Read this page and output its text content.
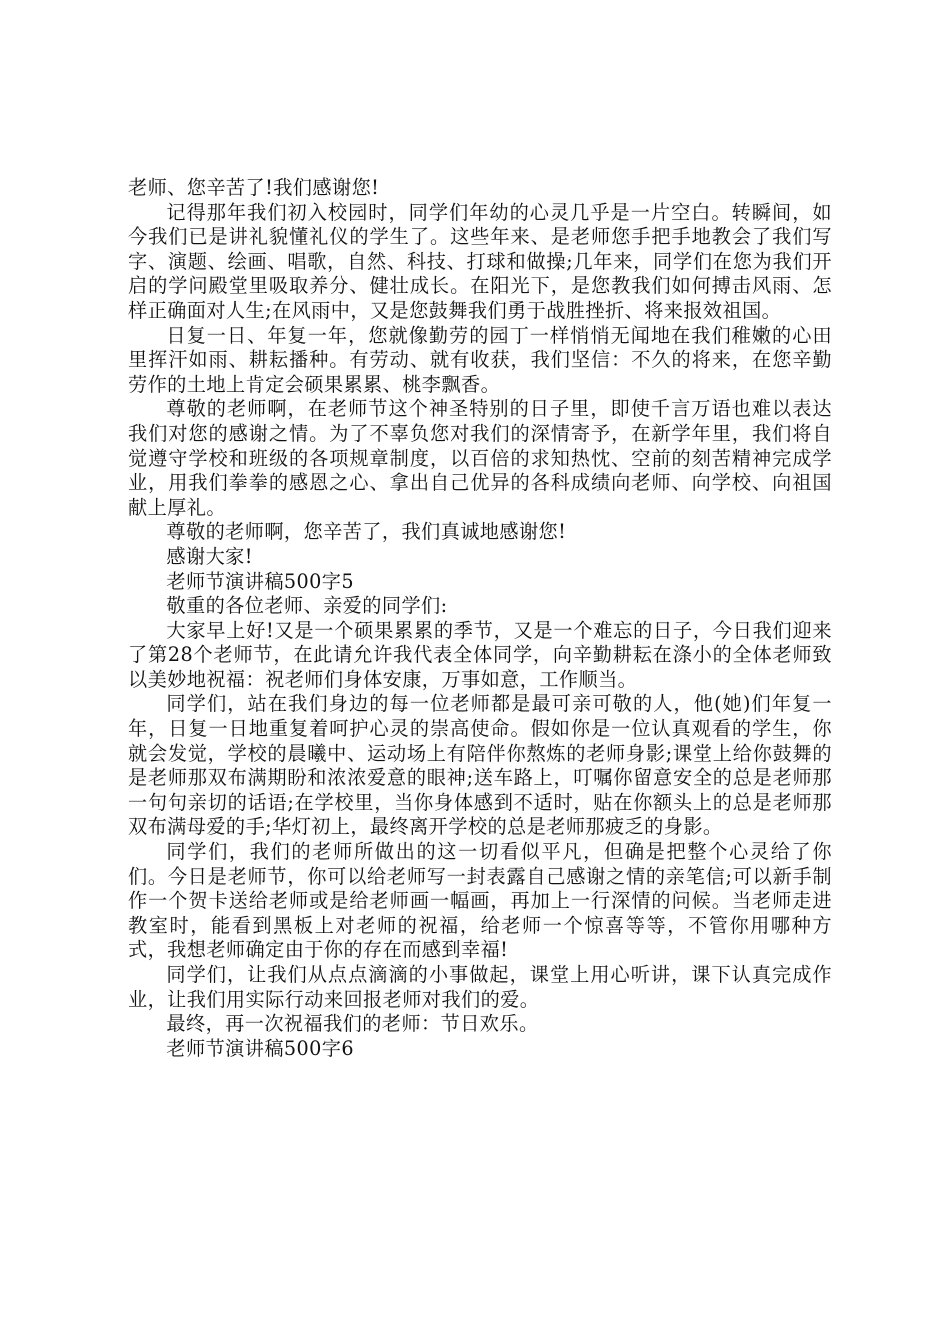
老师、您辛苦了!我们感谢您!

记得那年我们初入校园时，同学们年幼的心灵几乎是一片空白。转瞬间，如今我们已是讲礼貌懂礼仪的学生了。这些年来、是老师您手把手地教会了我们写字、演题、绘画、唱歌，自然、科技、打球和做操;几年来，同学们在您为我们开启的学问殿堂里吸取养分、健壮成长。在阳光下，是您教我们如何搏击风雨、怎样正确面对人生;在风雨中，又是您鼓舞我们勇于战胜挫折、将来报效祖国。

日复一日、年复一年，您就像勤劳的园丁一样悄悄无闻地在我们稚嫩的心田里挥汗如雨、耕耘播种。有劳动、就有收获，我们坚信：不久的将来，在您辛勤劳作的土地上肯定会硕果累累、桃李飘香。

尊敬的老师啊，在老师节这个神圣特别的日子里，即使千言万语也难以表达我们对您的感谢之情。为了不辜负您对我们的深情寄予，在新学年里，我们将自觉遵守学校和班级的各项规章制度，以百倍的求知热忱、空前的刻苦精神完成学业，用我们拳拳的感恩之心、拿出自己优异的各科成绩向老师、向学校、向祖国献上厚礼。

尊敬的老师啊，您辛苦了，我们真诚地感谢您!

感谢大家!

老师节演讲稿500字5

敬重的各位老师、亲爱的同学们:

大家早上好!又是一个硕果累累的季节，又是一个难忘的日子，今日我们迎来了第28个老师节，在此请允许我代表全体同学，向辛勤耕耘在涤小的全体老师致以美妙地祝福：祝老师们身体安康，万事如意，工作顺当。

同学们，站在我们身边的每一位老师都是最可亲可敬的人，他(她)们年复一年，日复一日地重复着呵护心灵的崇高使命。假如你是一位认真观看的学生，你就会发觉，学校的晨曦中、运动场上有陪伴你熬炼的老师身影;课堂上给你鼓舞的是老师那双布满期盼和浓浓爱意的眼神;送车路上，叮嘱你留意安全的总是老师那一句句亲切的话语;在学校里，当你身体感到不适时，贴在你额头上的总是老师那双布满母爱的手;华灯初上，最终离开学校的总是老师那疲乏的身影。

同学们，我们的老师所做出的这一切看似平凡，但确是把整个心灵给了你们。今日是老师节，你可以给老师写一封表露自己感谢之情的亲笔信;可以新手制作一个贺卡送给老师或是给老师画一幅画，再加上一行深情的问候。当老师走进教室时，能看到黑板上对老师的祝福，给老师一个惊喜等等，不管你用哪种方式，我想老师确定由于你的存在而感到幸福!

同学们，让我们从点点滴滴的小事做起，课堂上用心听讲，课下认真完成作业，让我们用实际行动来回报老师对我们的爱。

最终，再一次祝福我们的老师：节日欢乐。

老师节演讲稿500字6
